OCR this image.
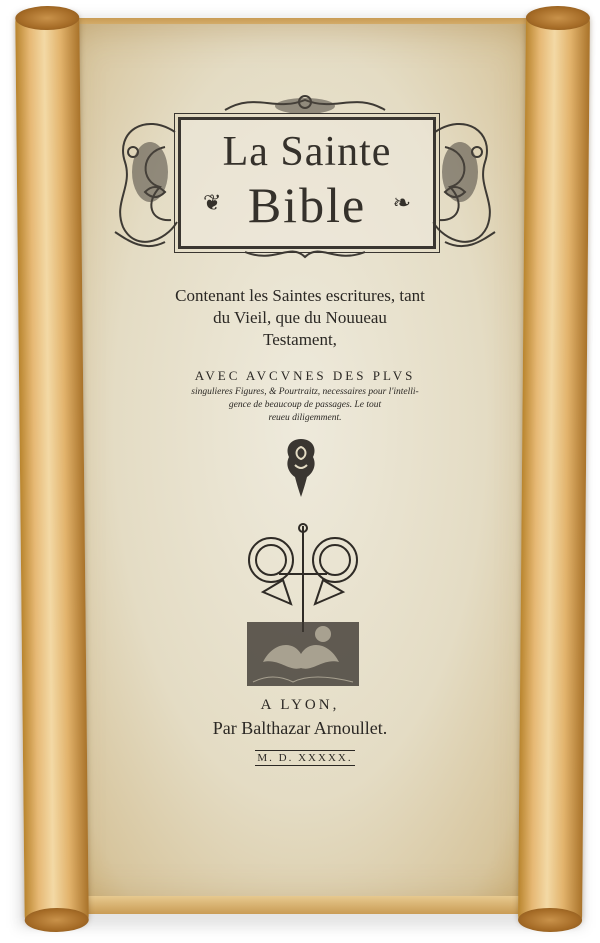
La Sainte
Bible
❦	❧
Contenant les Saintes escritures, tant
du Vieil, que du Nouueau
Testament,
AVEC AVCVNES DES PLVS
singulieres Figures, & Pourtraitz, necessaires pour l'intelli-
gence de beaucoup de passages. Le tout
reueu diligemment.
A LYON,
Par Balthazar Arnoullet.
M. D. XXXXX.
